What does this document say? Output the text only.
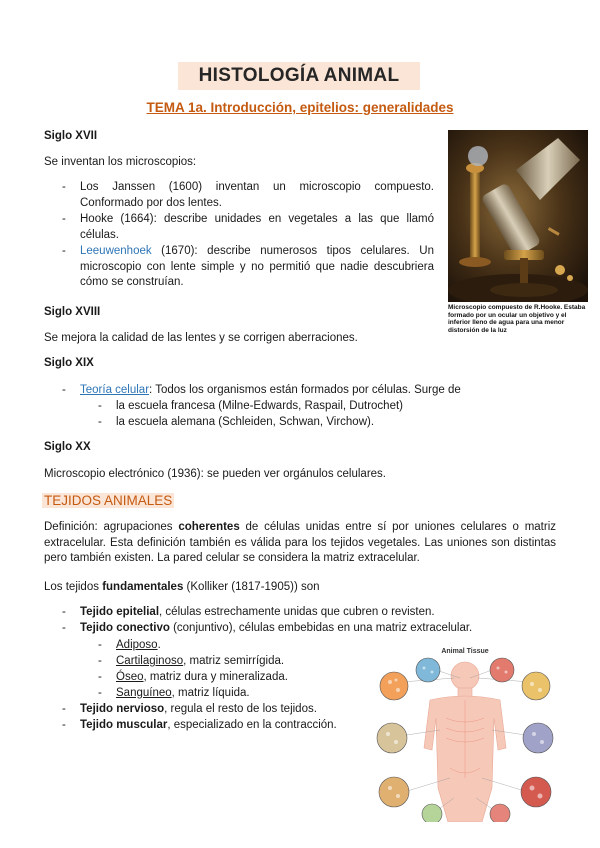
HISTOLOGÍA ANIMAL
TEMA 1a. Introducción, epitelios: generalidades
Siglo XVII
Se inventan los microscopios:
- Los Janssen (1600) inventan un microscopio compuesto. Conformado por dos lentes.
- Hooke (1664): describe unidades en vegetales a las que llamó células.
- Leeuwenhoek (1670): describe numerosos tipos celulares. Un microscopio con lente simple y no permitió que nadie descubriera cómo se construían.
Microscopio compuesto de R.Hooke. Estaba formado por un ocular un objetivo y el inferior lleno de agua para una menor distorsión de la luz
Siglo XVIII
Se mejora la calidad de las lentes y se corrigen aberraciones.
Siglo XIX
- Teoría celular: Todos los organismos están formados por células. Surge de
- la escuela francesa (Milne-Edwards, Raspail, Dutrochet)
- la escuela alemana (Schleiden, Schwan, Virchow).
Siglo XX
Microscopio electrónico (1936): se pueden ver orgánulos celulares.
TEJIDOS ANIMALES
Definición: agrupaciones coherentes de células unidas entre sí por uniones celulares o matriz extracelular. Esta definición también es válida para los tejidos vegetales. Las uniones son distintas pero también existen. La pared celular se considera la matriz extracelular.
Los tejidos fundamentales (Kolliker (1817-1905)) son
- Tejido epitelial, células estrechamente unidas que cubren o revisten.
- Tejido conectivo (conjuntivo), células embebidas en una matriz extracelular.
- Adiposo.
- Cartilaginoso, matriz semirrígida.
- Óseo, matriz dura y mineralizada.
- Sanguíneo, matriz líquida.
- Tejido nervioso, regula el resto de los tejidos.
- Tejido muscular, especializado en la contracción.
Animal Tissue
